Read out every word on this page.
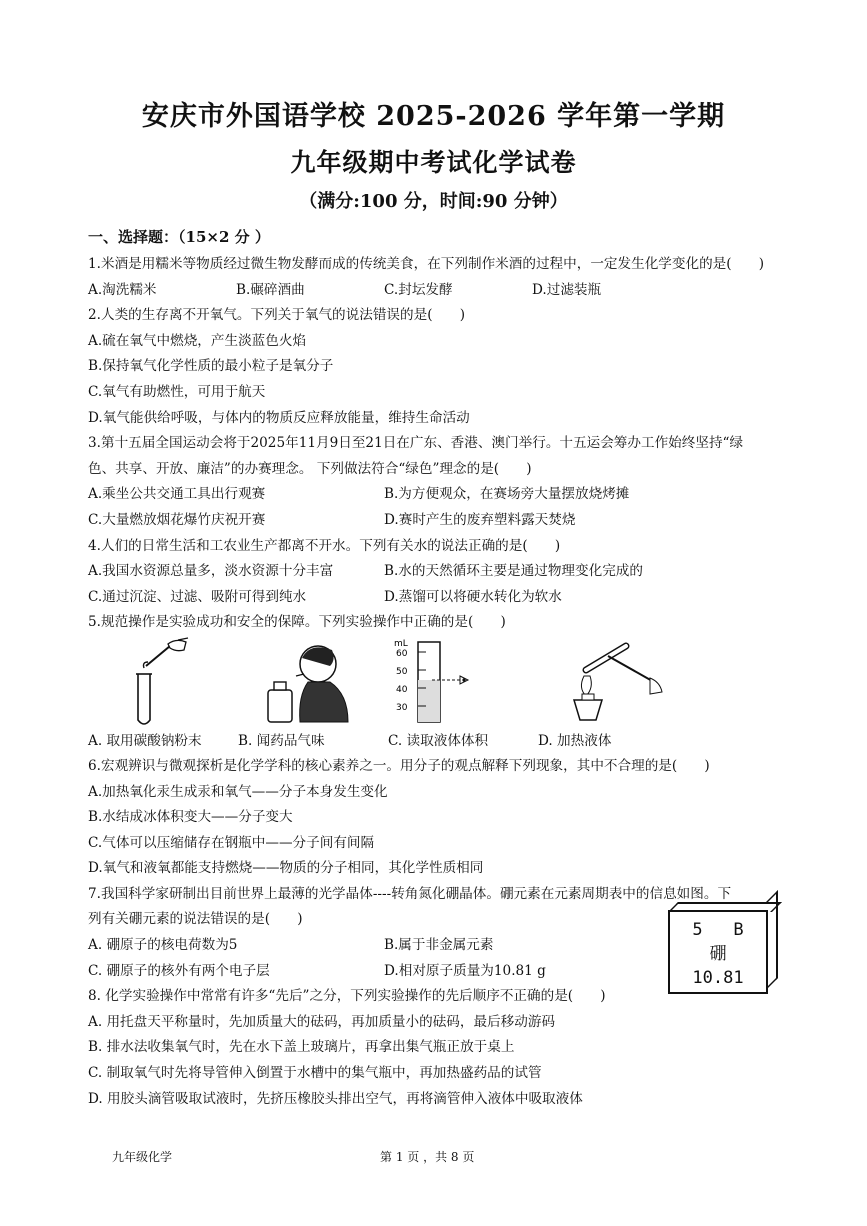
安庆市外国语学校 2025-2026 学年第一学期
九年级期中考试化学试卷
（满分:100 分，时间:90 分钟）
一、选择题：（15×2 分 ）
1.米酒是用糯米等物质经过微生物发酵而成的传统美食，在下列制作米酒的过程中，一定发生化学变化的是(　　)
A.淘洗糯米	B.碾碎酒曲	C.封坛发酵	D.过滤装瓶
2.人类的生存离不开氧气。下列关于氧气的说法错误的是(　　)
A.硫在氧气中燃烧，产生淡蓝色火焰
B.保持氧气化学性质的最小粒子是氧分子
C.氧气有助燃性，可用于航天
D.氧气能供给呼吸，与体内的物质反应释放能量，维持生命活动
3.第十五届全国运动会将于2025年11月9日至21日在广东、香港、澳门举行。十五运会筹办工作始终坚持“绿
色、共享、开放、廉洁”的办赛理念。 下列做法符合“绿色”理念的是(　　)
A.乘坐公共交通工具出行观赛	B.为方便观众，在赛场旁大量摆放烧烤摊
C.大量燃放烟花爆竹庆祝开赛	D.赛时产生的废弃塑料露天焚烧
4.人们的日常生活和工农业生产都离不开水。下列有关水的说法正确的是(　　)
A.我国水资源总量多，淡水资源十分丰富	B.水的天然循环主要是通过物理变化完成的
C.通过沉淀、过滤、吸附可得到纯水	D.蒸馏可以将硬水转化为软水
5.规范操作是实验成功和安全的保障。下列实验操作中正确的是(　　)
mL
60
50
40
30
A. 取用碳酸钠粉末	B. 闻药品气味	C. 读取液体体积	D. 加热液体
6.宏观辨识与微观探析是化学学科的核心素养之一。用分子的观点解释下列现象，其中不合理的是(　　)
A.加热氧化汞生成汞和氧气——分子本身发生变化
B.水结成冰体积变大——分子变大
C.气体可以压缩储存在钢瓶中——分子间有间隔
D.氧气和液氧都能支持燃烧——物质的分子相同，其化学性质相同
7.我国科学家研制出目前世界上最薄的光学晶体----转角氮化硼晶体。硼元素在元素周期表中的信息如图。下
列有关硼元素的说法错误的是(　　)
A. 硼原子的核电荷数为5	B.属于非金属元素
C. 硼原子的核外有两个电子层	D.相对原子质量为10.81 g
8. 化学实验操作中常常有许多“先后”之分，下列实验操作的先后顺序不正确的是(　　)
A. 用托盘天平称量时，先加质量大的砝码，再加质量小的砝码，最后移动游码
B. 排水法收集氧气时，先在水下盖上玻璃片，再拿出集气瓶正放于桌上
C. 制取氧气时先将导管伸入倒置于水槽中的集气瓶中，再加热盛药品的试管
D. 用胶头滴管吸取试液时，先挤压橡胶头排出空气，再将滴管伸入液体中吸取液体
5 B
硼
10.81
九年级化学	第 1 页 ，共 8 页
